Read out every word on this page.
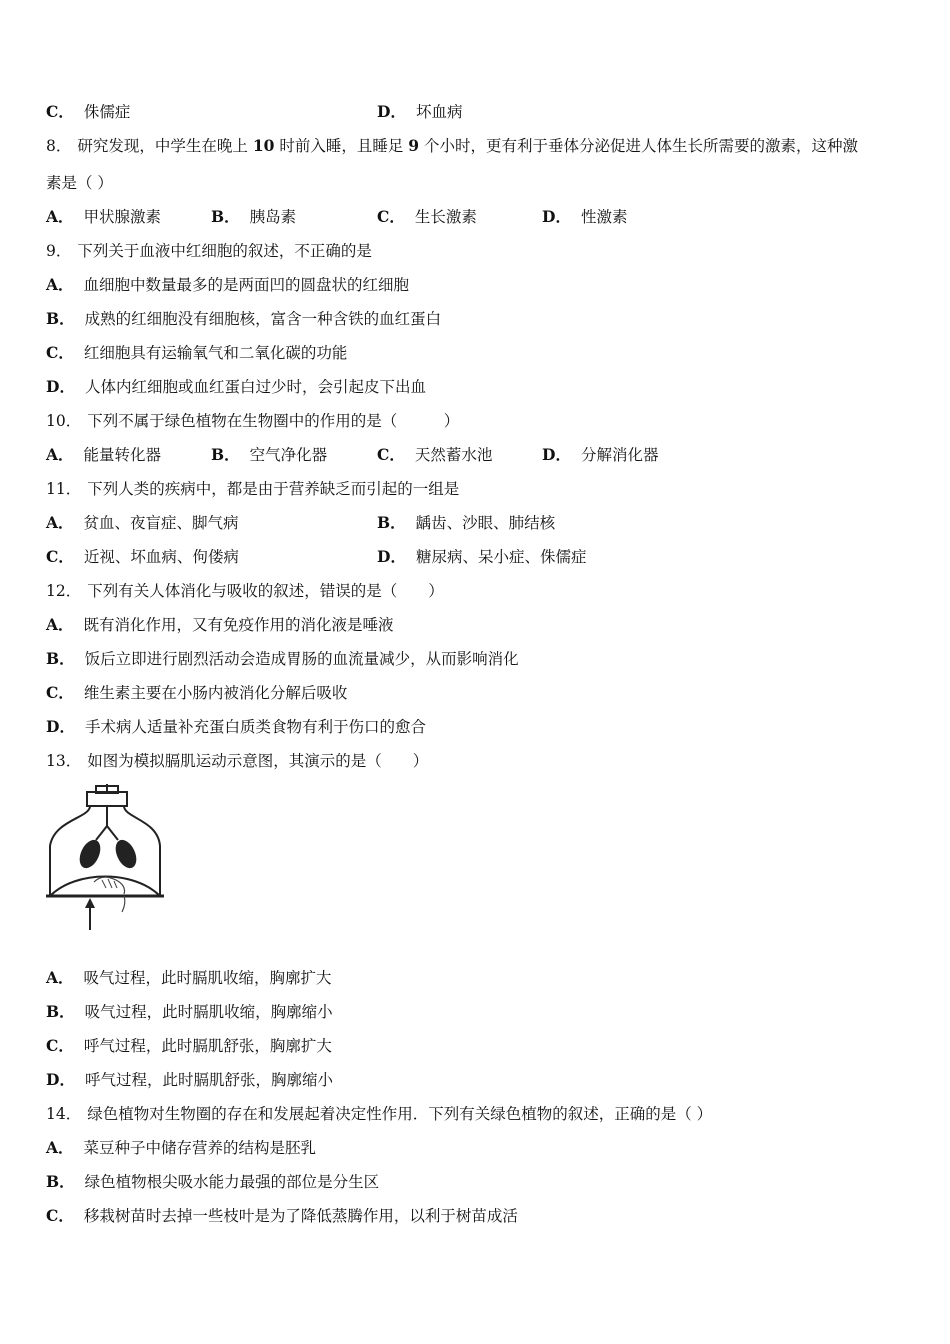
C． 侏儒症	D． 坏血病
8． 研究发现，中学生在晚上 10 时前入睡，且睡足 9 个小时，更有利于垂体分泌促进人体生长所需要的激素，这种激
素是（ ）
A． 甲状腺激素	B． 胰岛素	C． 生长激素	D． 性激素
9． 下列关于血液中红细胞的叙述，不正确的是
A． 血细胞中数量最多的是两面凹的圆盘状的红细胞
B． 成熟的红细胞没有细胞核，富含一种含铁的血红蛋白
C． 红细胞具有运输氧气和二氧化碳的功能
D． 人体内红细胞或血红蛋白过少时，会引起皮下出血
10． 下列不属于绿色植物在生物圈中的作用的是（　　　）
A． 能量转化器	B． 空气净化器	C． 天然蓄水池	D． 分解消化器
11． 下列人类的疾病中，都是由于营养缺乏而引起的一组是
A． 贫血、夜盲症、脚气病	B． 龋齿、沙眼、肺结核
C． 近视、坏血病、佝偻病	D． 糖尿病、呆小症、侏儒症
12． 下列有关人体消化与吸收的叙述，错误的是（　　）
A． 既有消化作用，又有免疫作用的消化液是唾液
B． 饭后立即进行剧烈活动会造成胃肠的血流量减少，从而影响消化
C． 维生素主要在小肠内被消化分解后吸收
D． 手术病人适量补充蛋白质类食物有利于伤口的愈合
13． 如图为模拟膈肌运动示意图，其演示的是（　　）
A． 吸气过程，此时膈肌收缩，胸廓扩大
B． 吸气过程，此时膈肌收缩，胸廓缩小
C． 呼气过程，此时膈肌舒张，胸廓扩大
D． 呼气过程，此时膈肌舒张，胸廓缩小
14． 绿色植物对生物圈的存在和发展起着决定性作用．下列有关绿色植物的叙述，正确的是（ ）
A． 菜豆种子中储存营养的结构是胚乳
B． 绿色植物根尖吸水能力最强的部位是分生区
C． 移栽树苗时去掉一些枝叶是为了降低蒸腾作用，以利于树苗成活
